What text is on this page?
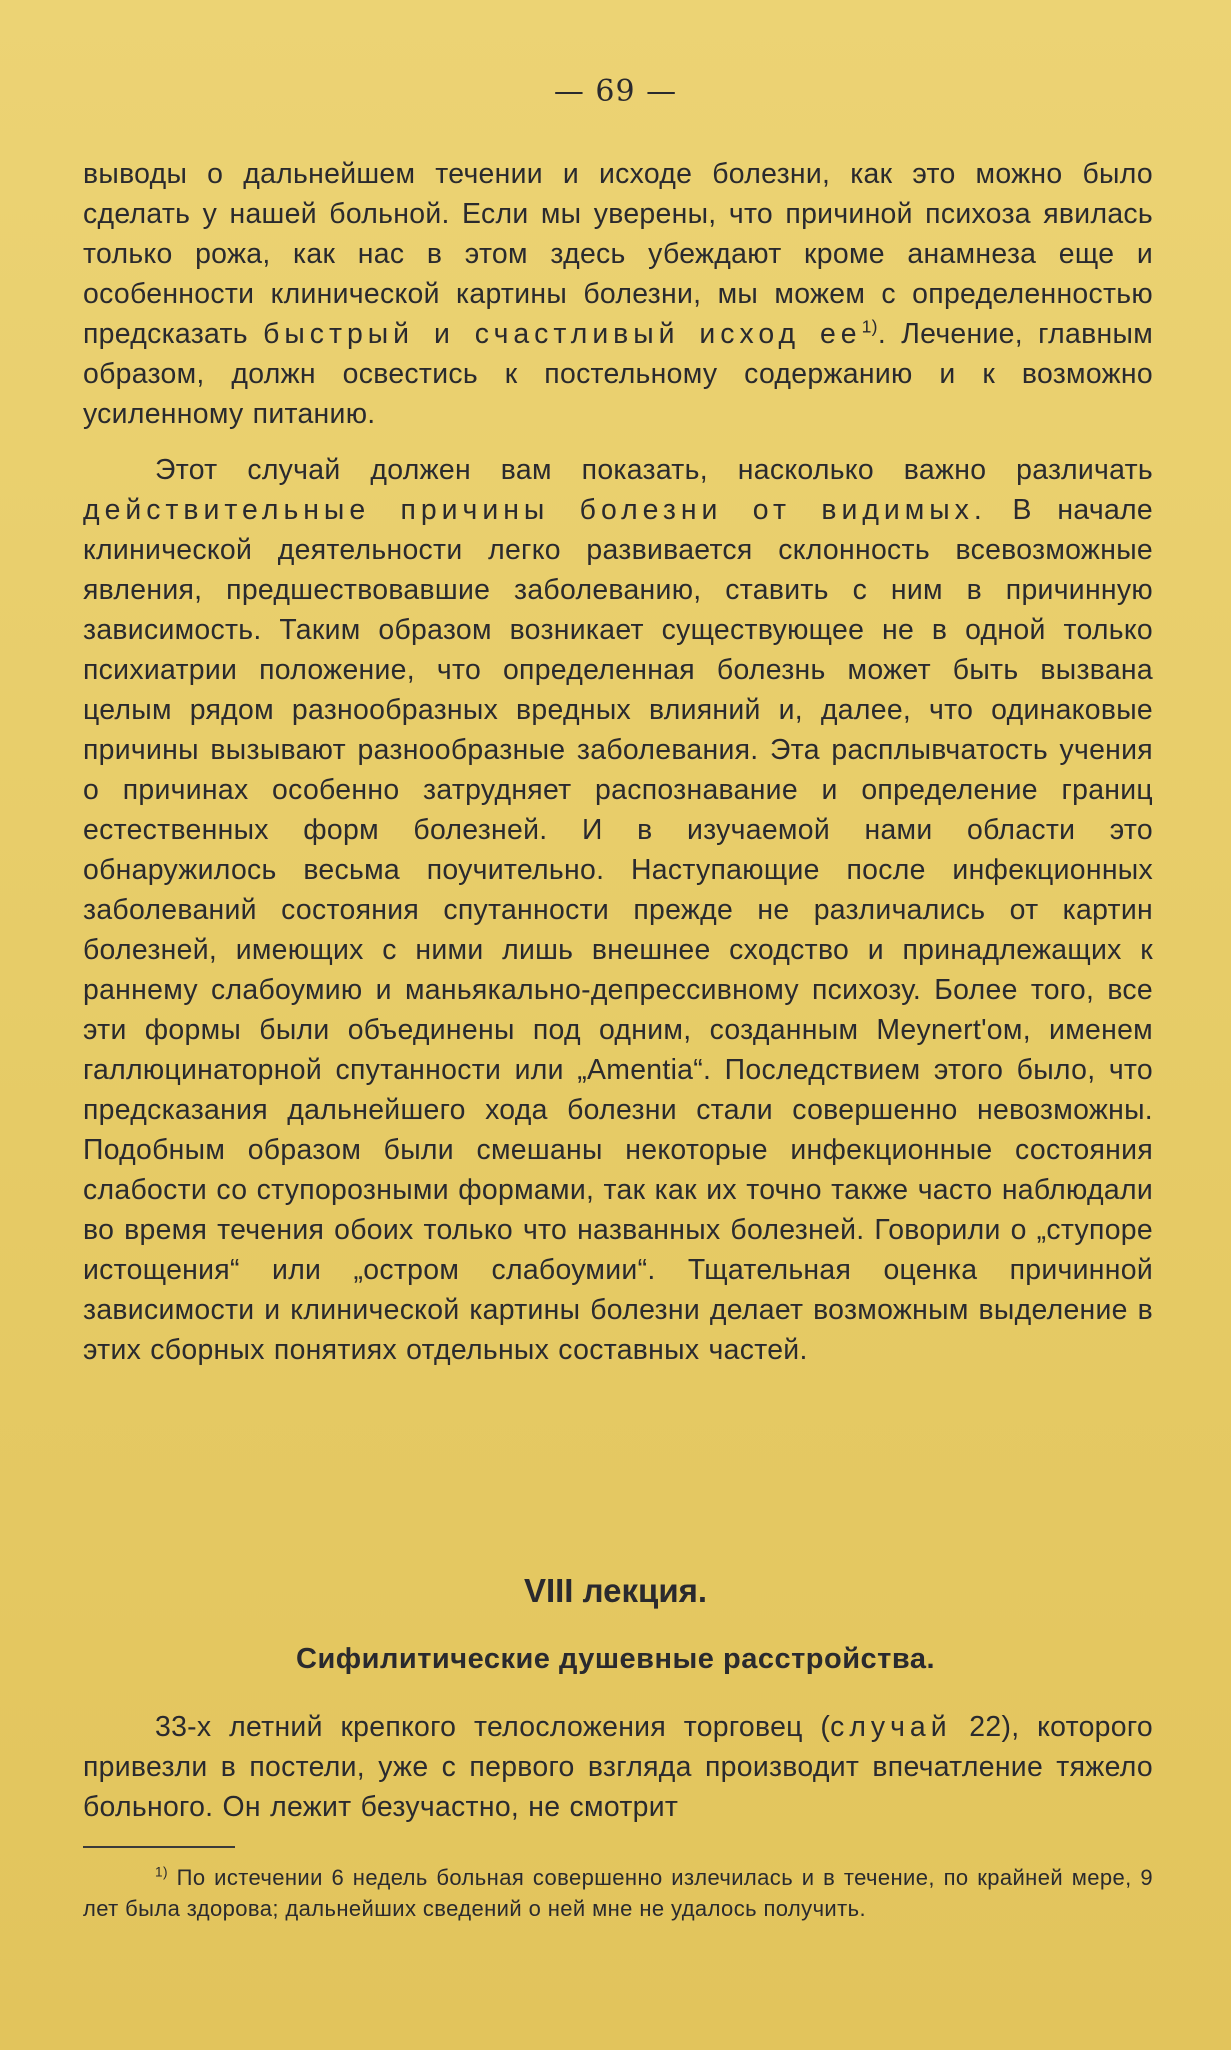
— 69 —

выводы о дальнейшем течении и исходе болезни, как это можно было сделать у нашей больной. Если мы уверены, что причиной психоза явилась только рожа, как нас в этом здесь убеждают кроме анамнеза еще и особенности клинической картины болезни, мы можем с определенностью предсказать быстрый и счастливый исход $ее^{1)}$. Лечение, главным образом, должн освестись к постельному содержанию и к возможно усиленному питанию.

Этот случай должен вам показать, насколько важно различать действительные причины болезни от видимых. В начале клинической деятельности легко развивается склонность всевозможные явления, предшествовавшие заболеванию, ставить с ним в причинную зависимость. Таким образом возникает существующее не в одной только психиатрии положение, что определенная болезнь может быть вызвана целым рядом разнообразных вредных влияний и, далее, что одинаковые причины вызывают разнообразные заболевания. Эта расплывчатость учения о причинах особенно затрудняет распознавание и определение границ естественных форм болезней. И в изучаемой нами области это обнаружилось весьма поучительно. Наступающие после инфекционных заболеваний состояния спутанности прежде не различались от картин болезней, имеющих с ними лишь внешнее сходство и принадлежащих к раннему слабоумию и маньякально-депрессивному психозу. Более того, все эти формы были объединены под одним, созданным Meynert'ом, именем галлюцинаторной спутанности или „Amentia“. Последствием этого было, что предсказания дальнейшего хода болезни стали совершенно невозможны. Подобным образом были смешаны некоторые инфекционные состояния слабости со ступорозными формами, так как их точно также часто наблюдали во время течения обоих только что названных болезней. Говорили о „ступоре истощения“ или „остром слабоумии“. Тщательная оценка причинной зависимости и клинической картины болезни делает возможным выделение в этих сборных понятиях отдельных составных частей.

VIII лекция.
Сифилитические душевные расстройства.

33-х летний крепкого телосложения торговец (случай 22), которого привезли в постели, уже с первого взгляда производит впечатление тяжело больного. Он лежит безучастно, не смотрит

$^{1)}$ По истечении 6 недель больная совершенно излечилась и в течение, по крайней мере, 9 лет была здорова; дальнейших сведений о ней мне не удалось получить.
